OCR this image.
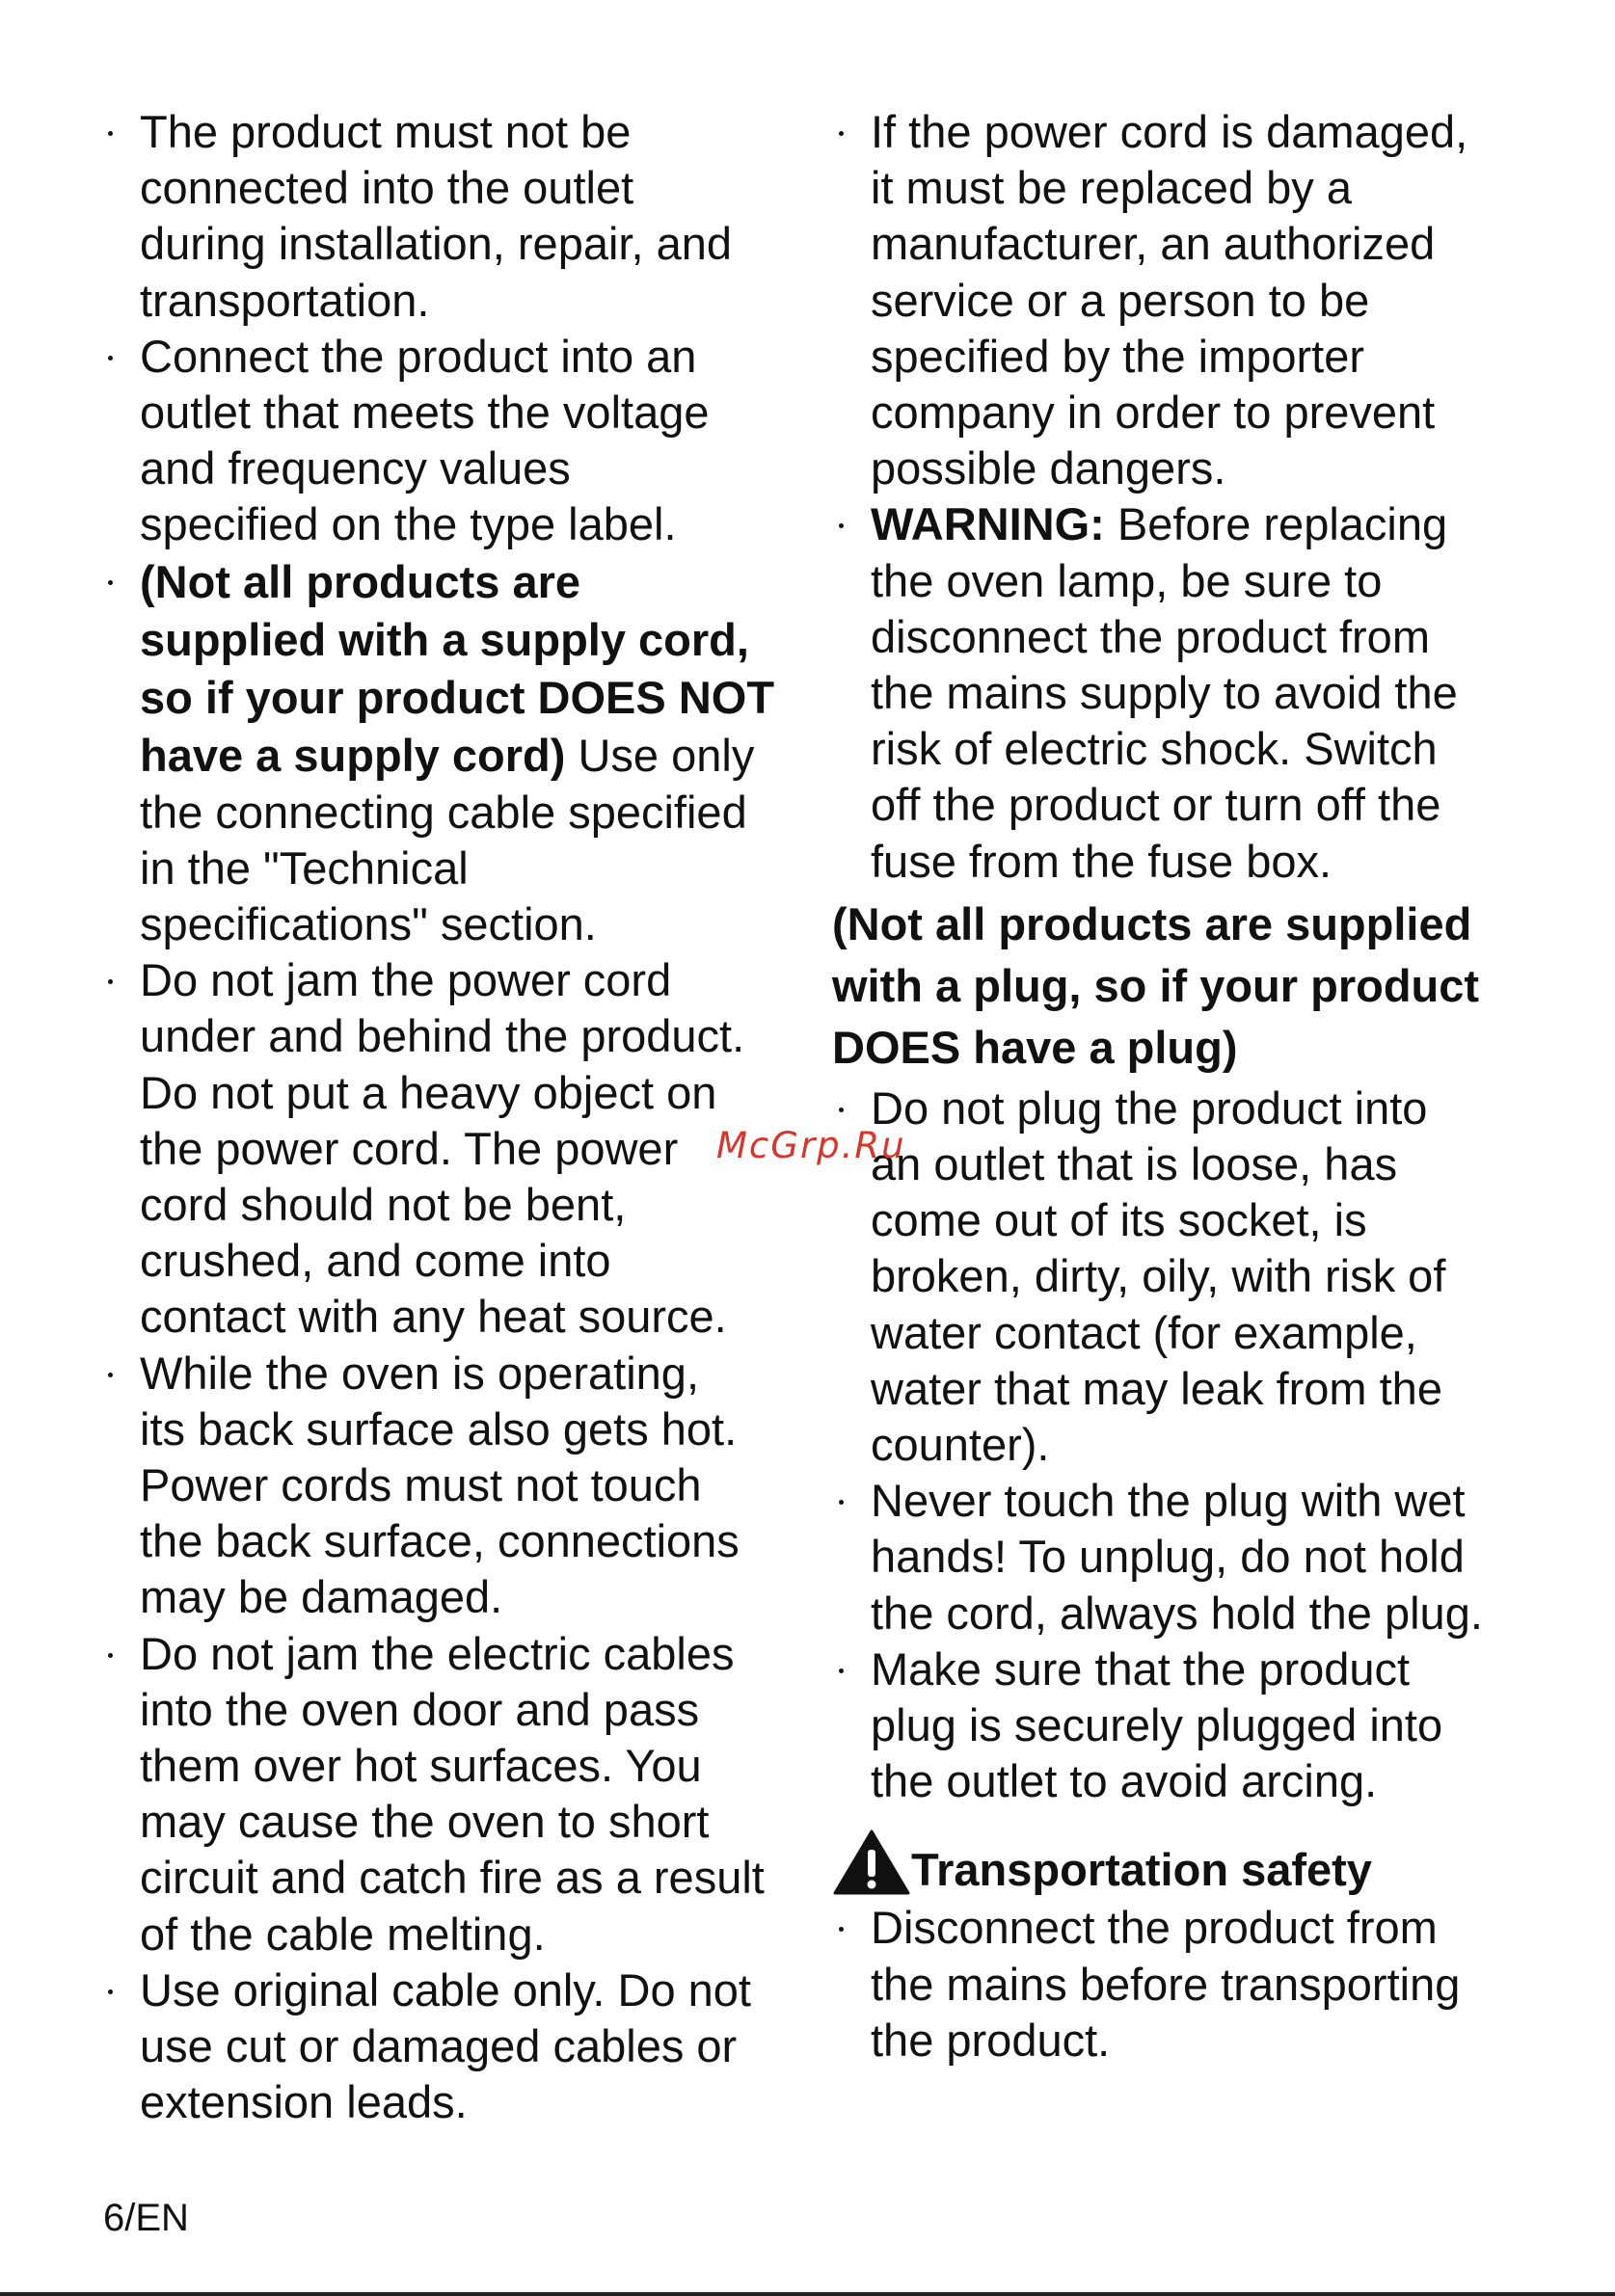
The product must not be
connected into the outlet
during installation, repair, and
transportation.
Connect the product into an
outlet that meets the voltage
and frequency values
specified on the type label.
(Not all products are
supplied with a supply cord,
so if your product DOES NOT
have a supply cord) Use only
the connecting cable specified
in the "Technical
specifications" section.
Do not jam the power cord
under and behind the product.
Do not put a heavy object on
the power cord. The power
cord should not be bent,
crushed, and come into
contact with any heat source.
While the oven is operating,
its back surface also gets hot.
Power cords must not touch
the back surface, connections
may be damaged.
Do not jam the electric cables
into the oven door and pass
them over hot surfaces. You
may cause the oven to short
circuit and catch fire as a result
of the cable melting.
Use original cable only. Do not
use cut or damaged cables or
extension leads.
If the power cord is damaged,
it must be replaced by a
manufacturer, an authorized
service or a person to be
specified by the importer
company in order to prevent
possible dangers.
WARNING: Before replacing
the oven lamp, be sure to
disconnect the product from
the mains supply to avoid the
risk of electric shock. Switch
off the product or turn off the
fuse from the fuse box.
(Not all products are supplied
with a plug, so if your product
DOES have a plug)
Do not plug the product into
an outlet that is loose, has
come out of its socket, is
broken, dirty, oily, with risk of
water contact (for example,
water that may leak from the
counter).
Never touch the plug with wet
hands! To unplug, do not hold
the cord, always hold the plug.
Make sure that the product
plug is securely plugged into
the outlet to avoid arcing.
Transportation safety
Disconnect the product from
the mains before transporting
the product.
McGrp.Ru
6/EN
